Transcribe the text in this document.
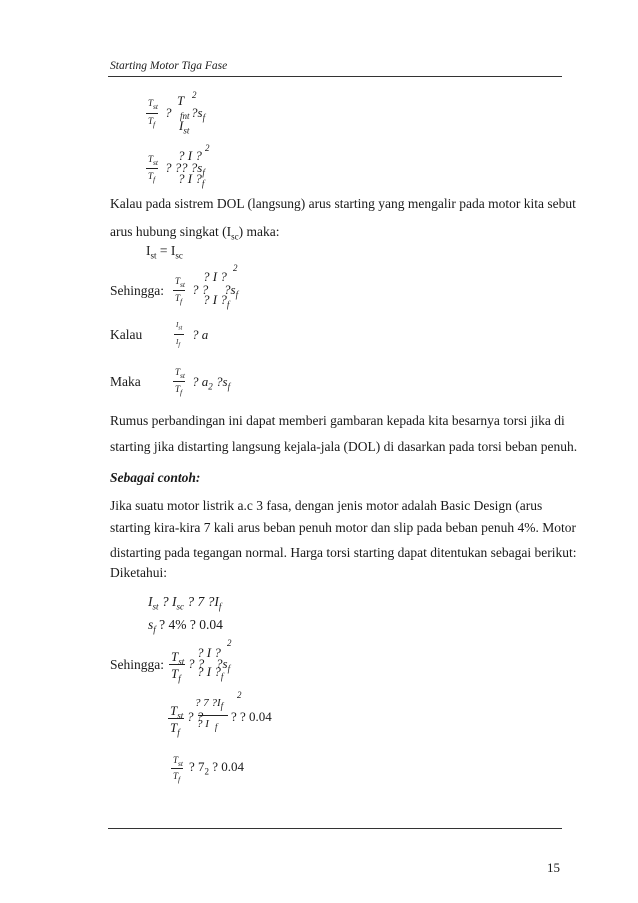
Starting Motor Tiga Fase
$T_{st}$
$T_f$
?
T 2
fnt $?s_f$
$I_{st}$
$T_{st}$
$T_f$
? ?
? I ? 2
? $?s_f$
? I $?_f$
Kalau pada sistrem DOL (langsung) arus starting yang mengalir pada motor kita sebut
arus hubung singkat $(I_{sc})$ maka:
$I_{st} = I_{sc}$
Sehingga:
$T_{st}$
$T_f$
? ?
? I ?
2
$?s_f$
? I $?_f$
Kalau
$I_{st}$
$I_f$
? a
Maka
$T_{st}$
$T_f$
? $a_2$ $?s_f$
Rumus perbandingan ini dapat memberi gambaran kepada kita besarnya torsi jika di
starting jika distarting langsung kejala-jala (DOL) di dasarkan pada torsi beban penuh.
Sebagai contoh:
Jika suatu motor listrik a.c 3 fasa, dengan jenis motor adalah Basic Design (arus
starting kira-kira 7 kali arus beban penuh motor dan slip pada beban penuh 4%. Motor
distarting pada tegangan normal. Harga torsi starting dapat ditentukan sebagai berikut:
Diketahui:
$I_{st}$ ? $I_{sc}$ ? 7 $?I_f$
$s_f$ ? 4% ? 0.04
Sehingga:
$T_{st}$
$T_f$
? ?
? I ?
2
$?s_f$
? I $?_f$
$T_{st}$
$T_f$
? ?
? 7 $?I_f$
? I $_f$
2
? ? 0.04
$T_{st}$
$T_f$
? $7_2$ ? 0.04
15
